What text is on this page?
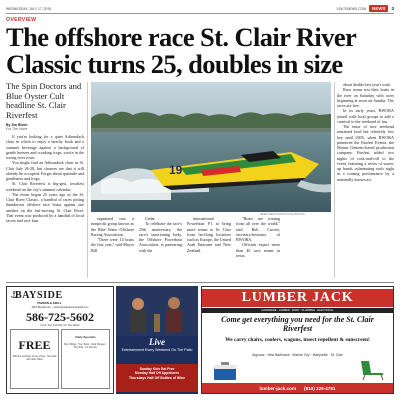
WEDNESDAY, JULY 17, 2019	VOICENEWS.COM	NEWS	3
OVERVIEW
The offshore race St. Clair River Classic turns 25, doubles in size
The Spin Doctors and Blue Oyster Cult headline St. Clair Riverfest
By Jim Bloch
For The Voice

If you're looking for a quiet Adirondack chair in which to enjoy a beachy book and a summer beverage against a background of gentle breezes and croaking frogs, you're in the wrong river town.

You might find an Adirondack chair in St. Clair July 26-28, but chances are that it will already be occupied. Forget about quietude and gentleness and frogs.

St. Clair Riverfest is big-gest, rowdiest weekend on the city's summer calendar.

The event began 25 years ago as the St. Clair River Classic, a handful of races pitting thunderous offshore race boats against one another on the fast-moving St. Clair River. That event was produced by a handful of local racers and race fans

19
MEDIA NEWS GROUP FILE PHOTOS

organized into a nonprofit group known as the Blue Water Offshore Racing Association.

"There were 14 boats the first year," said Mayor Bill

Cedar.

To celebrate the race's 25th anniversary, the race's sanctioning body, the Offshore Powerboat Association, is partnering with the

international Powerboat P1 to bring more teams to St. Clair from far-flung locations such as Europe, the United Arab Emirates and New Zealand.

"Boats are coming from all over the world," said Bob Currier, secretary/treasurer of BWORA.

Officials expect more than 40 race teams in town,

about double last year's total.

Race teams test their boats in the river on Saturday with races beginning at noon on Sunday. The races are free.

In its early years, BWORA joined with local groups to add a carnival to the weekend of fun.

The tenor of race weekend remained loud but relatively low key until 2005, when BWORA partnered the Funfest Events, the Mount Clemens-based production company. Funfest added two nights of rock-and-roll to the event, featuring a series of warm-up bands culminating each night in a rousing performance by a nationally known act.

BAYSIDE
TAVERN & GRILL
4097 Bayside Rd. · www.baysidetavernandgrill.com
586-725-5602
Food, Fun & Drinks On The Water
FREE
With the purchase of any entree · Not valid with other offers
Daily Specials
Mon: Wings · Tue: Tacos · Wed: Burgers · Thu: Ribs · Fri: Fish Fry
Live
Entertainment Every Weekend On The Patio
Sunday Kids Eat Free
Monday Half Off Appetizers
Thursdays Half Off Bottles of Wine
LUMBER JACK
HARDWARE · LUMBER · PAINT · PLUMBING · ELECTRICAL
Come get everything you need for the St. Clair Riverfest
We carry chairs, coolers, wagons, insect repellent & sunscreen!
Algonac · New Baltimore · Marine City · Marysville · St. Clair
lumber-jack.com (810) 329-4781
